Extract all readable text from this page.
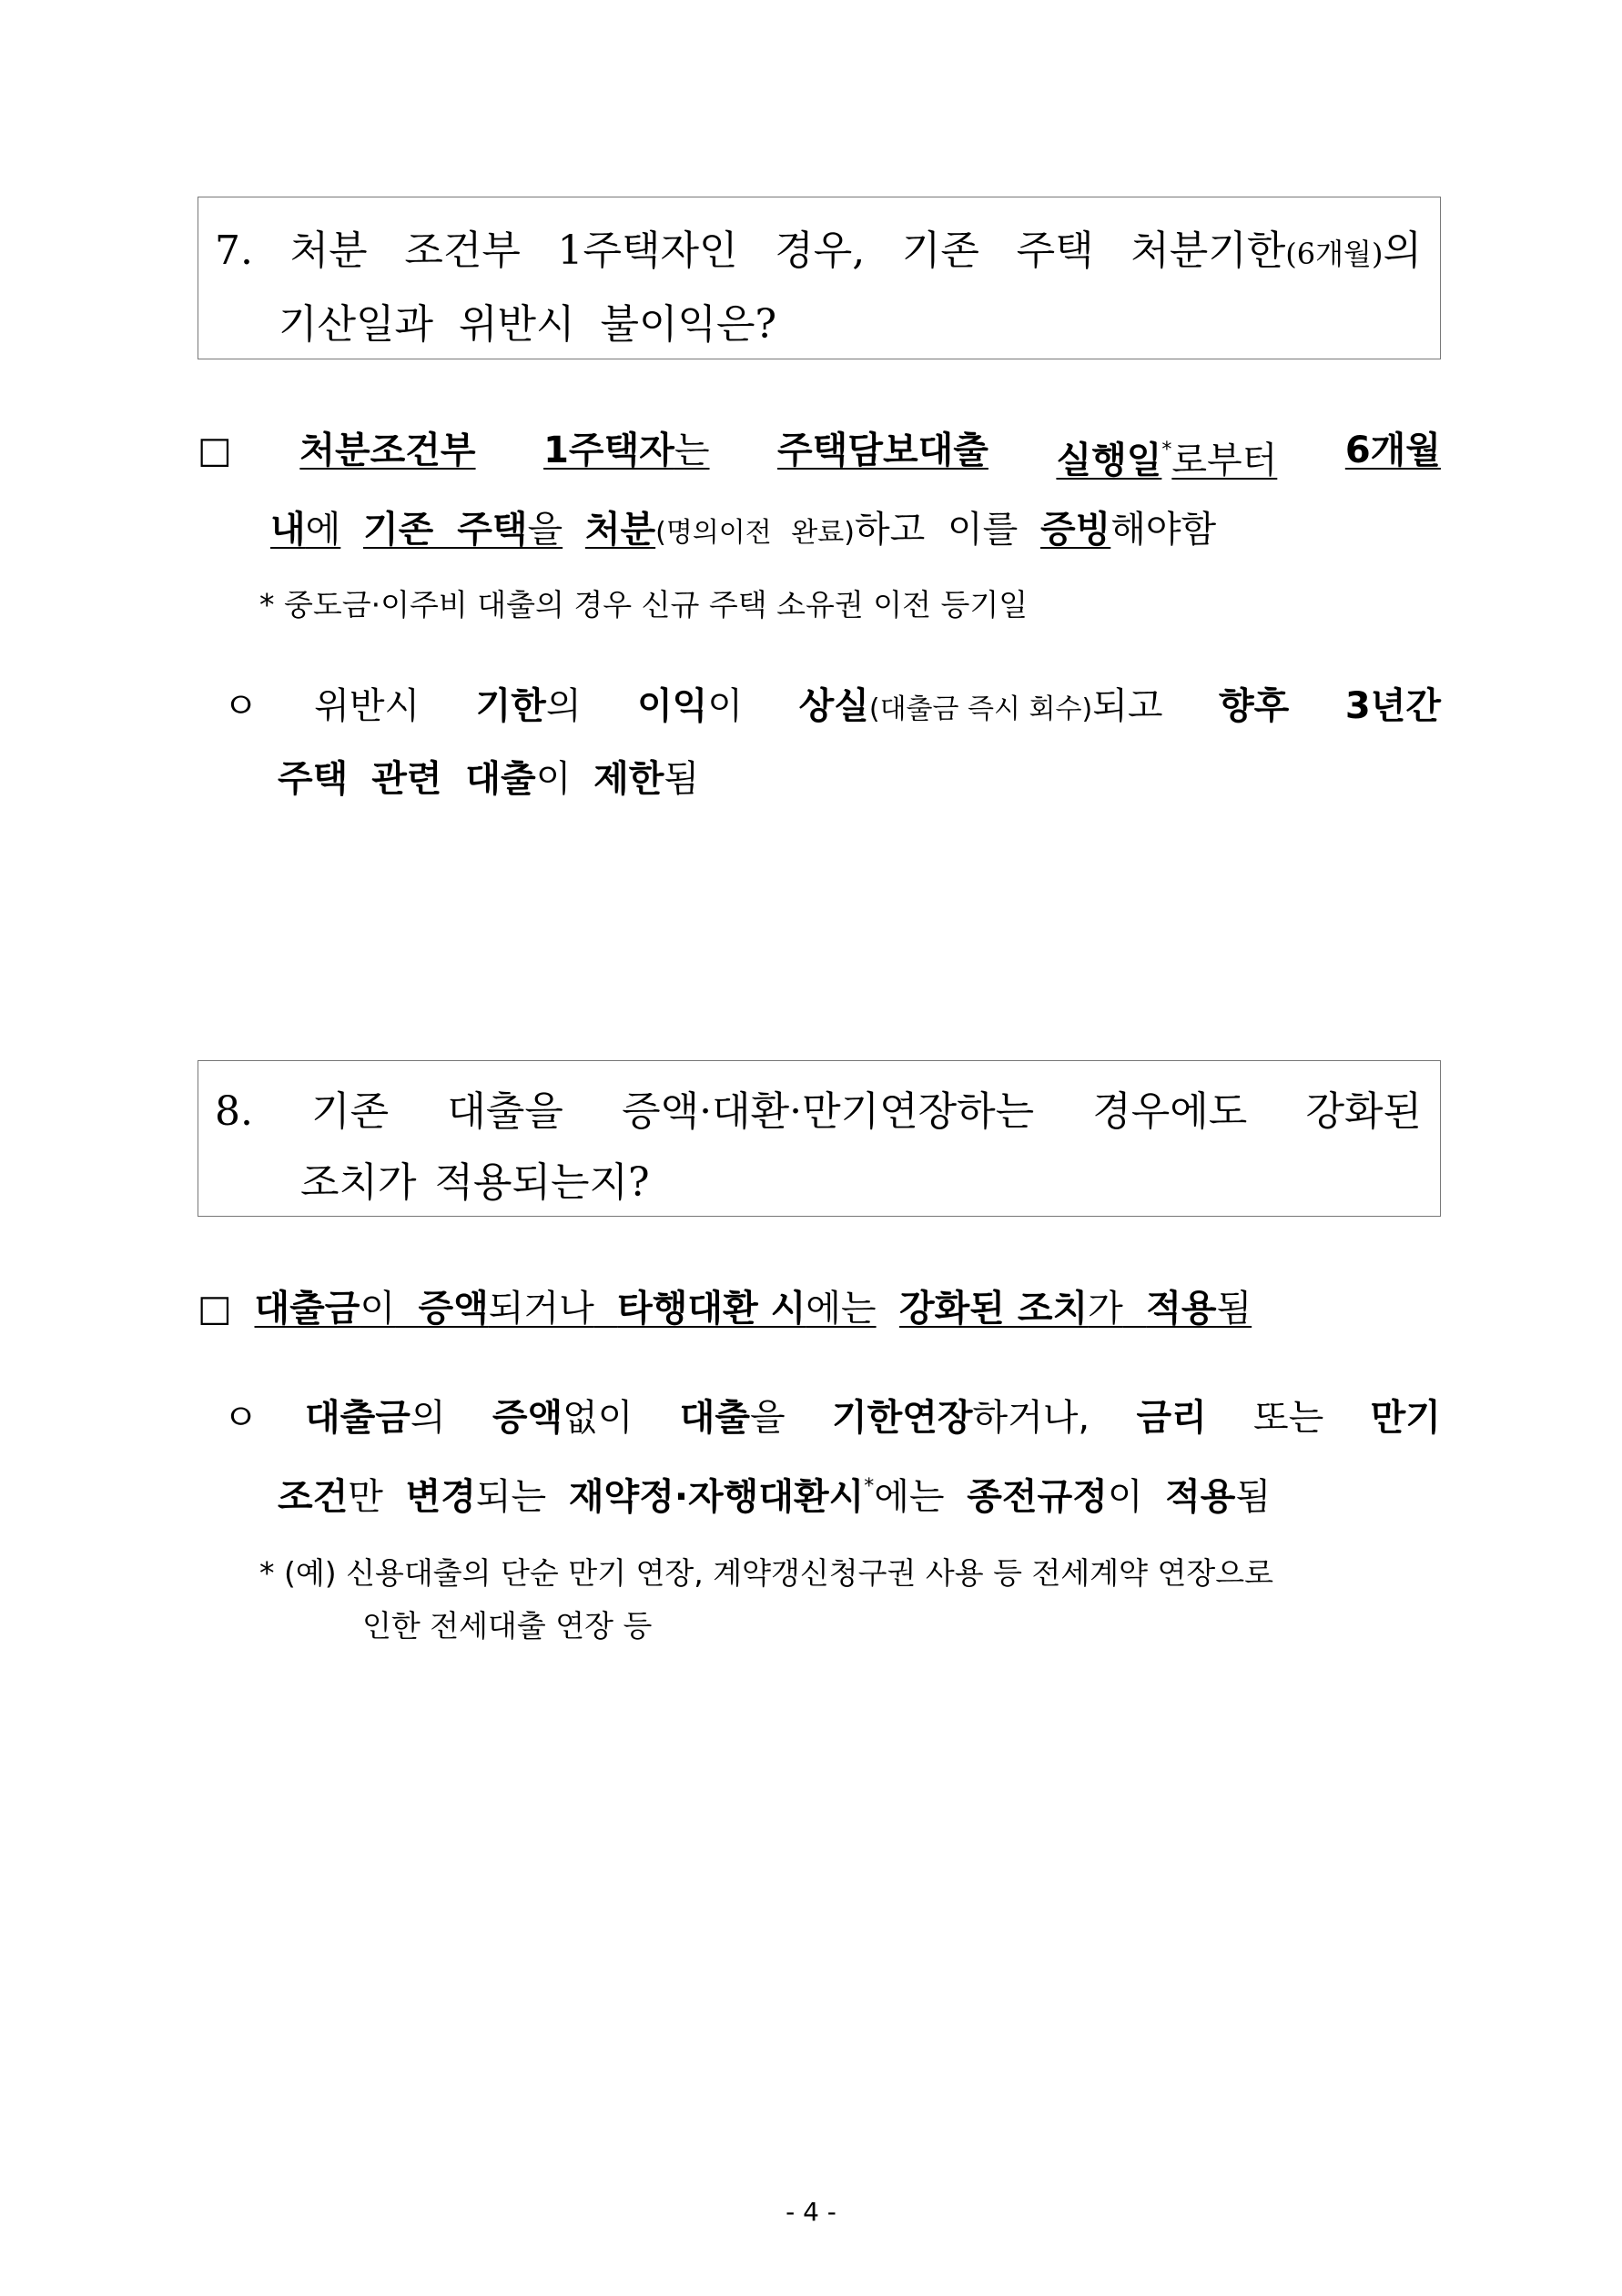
7. 처분 조건부 1주택자인 경우, 기존 주택 처분기한(6개월)의
기산일과 위반시 불이익은?
□ 처분조건부 1주택자는 주택담보대출 실행일*로부터 6개월
내에 기존 주택을 처분(명의이전 완료)하고 이를 증빙해야함
* 중도금·이주비 대출의 경우 신규 주택 소유권 이전 등기일
ㅇ 위반시 기한의 이익이 상실(대출금 즉시 회수)되고 향후 3년간
주택 관련 대출이 제한됨
8. 기존 대출을 증액·대환·만기연장하는 경우에도 강화된
조치가 적용되는지?
□ 대출금이 증액되거나 타행대환 시에는 강화된 조치가 적용됨
ㅇ 대출금의 증액없이 대출을 기한연장하거나, 금리 또는 만기
조건만 변경되는 재약정·자행대환시*에는 종전규정이 적용됨
* (예) 신용대출의 단순 만기 연장, 계약갱신청구권 사용 등 전세계약 연장으로
인한 전세대출 연장 등
- 4 -
